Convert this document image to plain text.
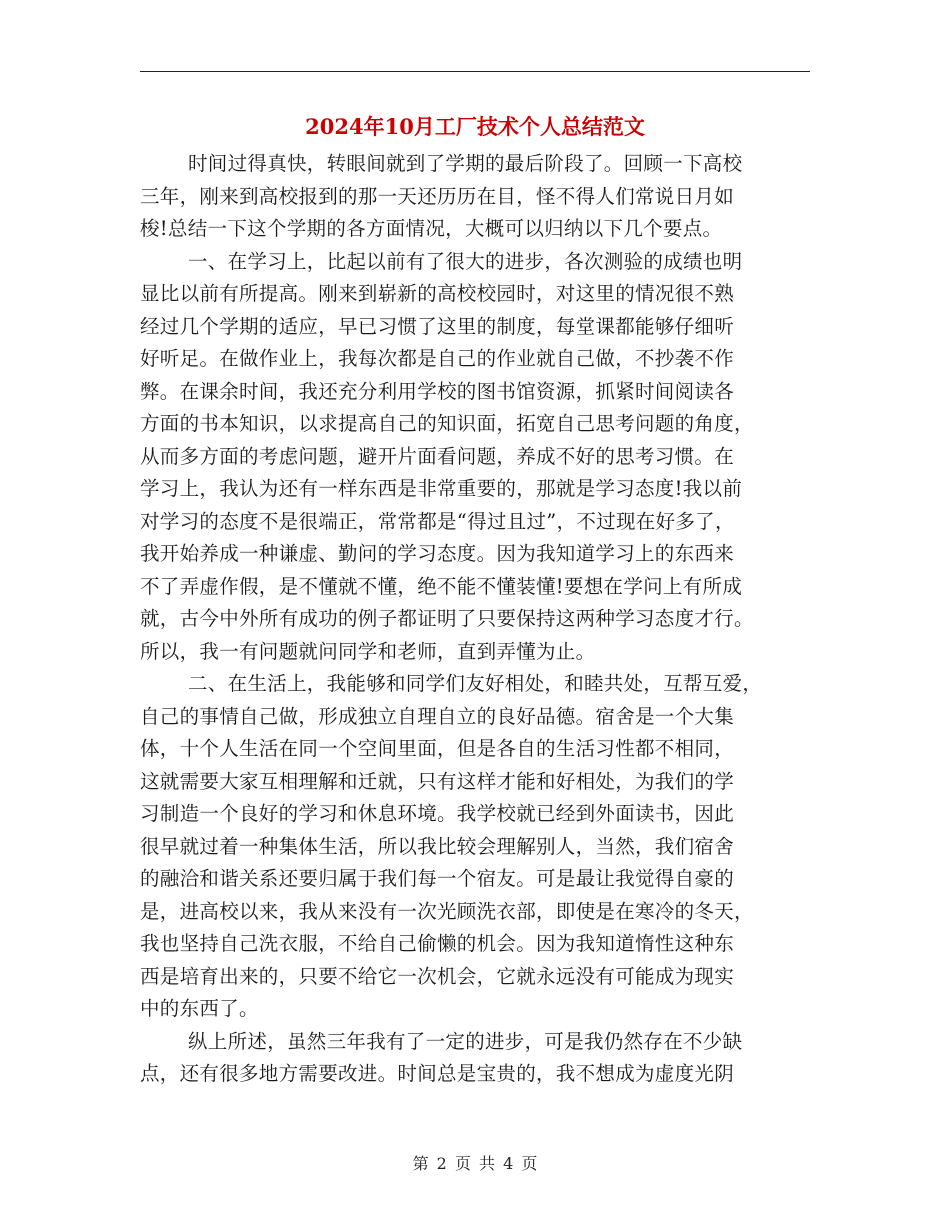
2024年10月工厂技术个人总结范文
时间过得真快，转眼间就到了学期的最后阶段了。回顾一下高校
三年，刚来到高校报到的那一天还历历在目，怪不得人们常说日月如
梭!总结一下这个学期的各方面情况，大概可以归纳以下几个要点。
一、在学习上，比起以前有了很大的进步，各次测验的成绩也明
显比以前有所提高。刚来到崭新的高校校园时，对这里的情况很不熟
经过几个学期的适应，早已习惯了这里的制度，每堂课都能够仔细听
好听足。在做作业上，我每次都是自己的作业就自己做，不抄袭不作
弊。在课余时间，我还充分利用学校的图书馆资源，抓紧时间阅读各
方面的书本知识，以求提高自己的知识面，拓宽自己思考问题的角度，
从而多方面的考虑问题，避开片面看问题，养成不好的思考习惯。在
学习上，我认为还有一样东西是非常重要的，那就是学习态度!我以前
对学习的态度不是很端正，常常都是“得过且过”，不过现在好多了，
我开始养成一种谦虚、勤问的学习态度。因为我知道学习上的东西来
不了弄虚作假，是不懂就不懂，绝不能不懂装懂!要想在学问上有所成
就，古今中外所有成功的例子都证明了只要保持这两种学习态度才行。
所以，我一有问题就问同学和老师，直到弄懂为止。
二、在生活上，我能够和同学们友好相处，和睦共处，互帮互爱，
自己的事情自己做，形成独立自理自立的良好品德。宿舍是一个大集
体，十个人生活在同一个空间里面，但是各自的生活习性都不相同，
这就需要大家互相理解和迁就，只有这样才能和好相处，为我们的学
习制造一个良好的学习和休息环境。我学校就已经到外面读书，因此
很早就过着一种集体生活，所以我比较会理解别人，当然，我们宿舍
的融洽和谐关系还要归属于我们每一个宿友。可是最让我觉得自豪的
是，进高校以来，我从来没有一次光顾洗衣部，即使是在寒冷的冬天，
我也坚持自己洗衣服，不给自己偷懒的机会。因为我知道惰性这种东
西是培育出来的，只要不给它一次机会，它就永远没有可能成为现实
中的东西了。
纵上所述，虽然三年我有了一定的进步，可是我仍然存在不少缺
点，还有很多地方需要改进。时间总是宝贵的，我不想成为虚度光阴
第 2 页 共 4 页
